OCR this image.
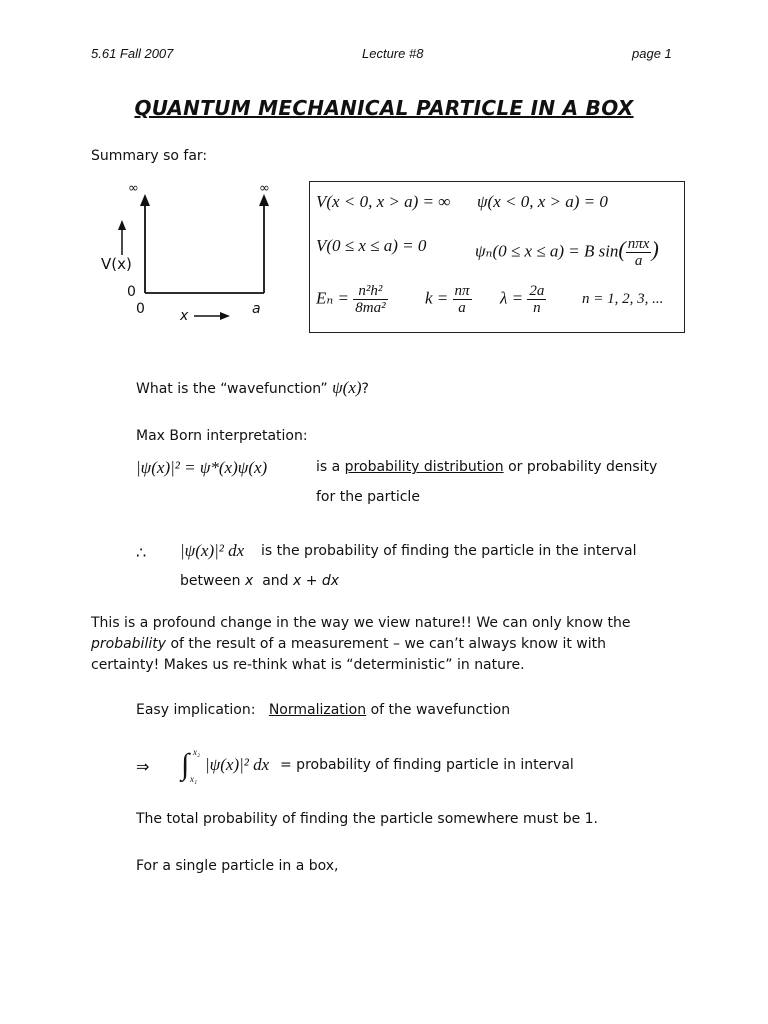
5.61 Fall 2007	Lecture #8	page 1
QUANTUM MECHANICAL PARTICLE IN A BOX
Summary so far:
∞	∞
V(x)
0
0	x	a
V(x < 0, x > a) = ∞ ψ(x < 0, x > a) = 0
V(0 ≤ x ≤ a) = 0	ψₙ(0 ≤ x ≤ a) = B $\sin( \frac{\text{nπx}}{a}$ )
$E_n = \frac{\text{n²h²}}{\text{8ma²}}$ $k = \frac{n\pi}{a}$ $\lambda = \frac{2a}{n}$ n = 1, 2, 3, ...
What is the “wavefunction” ψ(x)?
Max Born interpretation:
|ψ(x)|² = ψ*(x)ψ(x)	is a probability distribution or probability density
for the particle
∴ |ψ(x)|² dx is the probability of finding the particle in the interval
between x and x + dx
This is a profound change in the way we view nature!! We can only know the
probability of the result of a measurement – we can’t always know it with
certainty! Makes us re-think what is “deterministic” in nature.
Easy implication: Normalization of the wavefunction
⇒ ∫ x₂
x₁
|ψ(x)|² dx = probability of finding particle in interval
The total probability of finding the particle somewhere must be 1.
For a single particle in a box,
